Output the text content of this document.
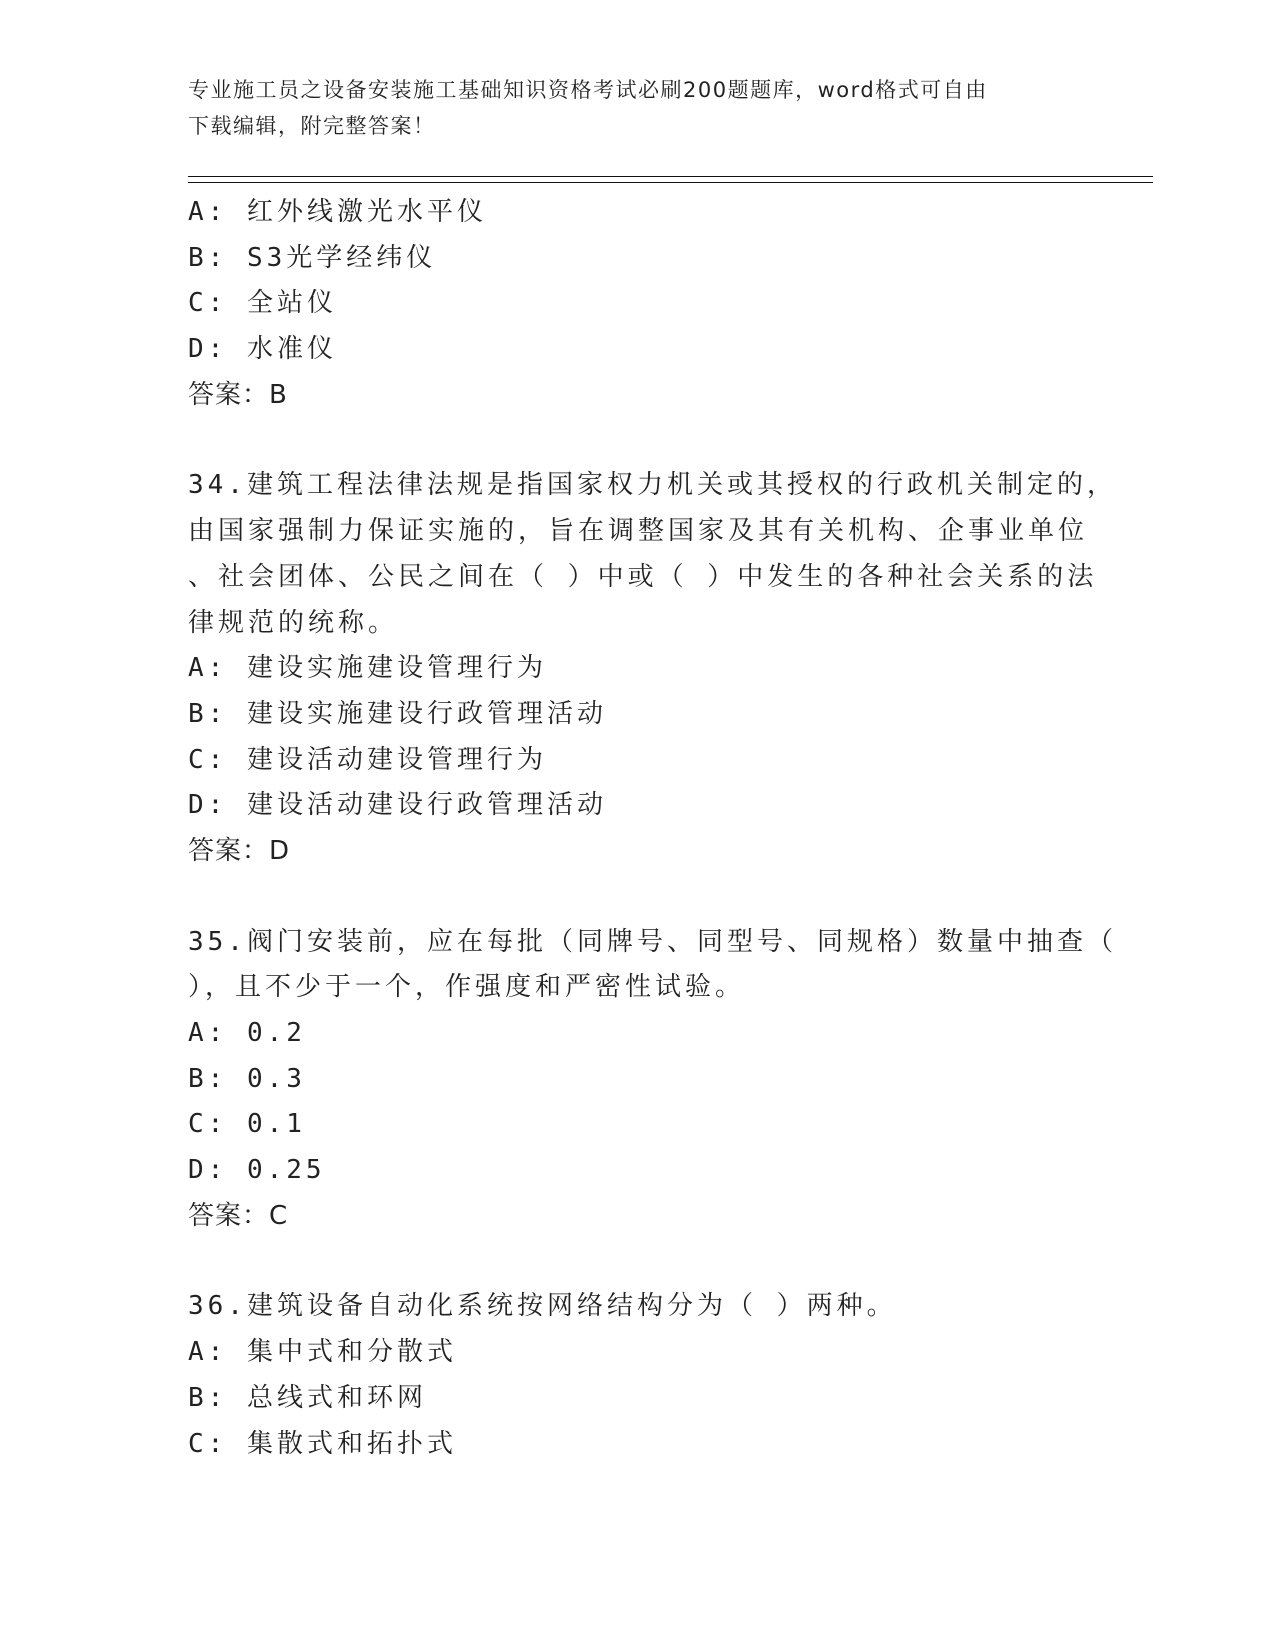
专业施工员之设备安装施工基础知识资格考试必刷200题题库，word格式可自由
下载编辑，附完整答案！
A: 红外线激光水平仪
B: S3光学经纬仪
C: 全站仪
D: 水准仪
答案：B
34.建筑工程法律法规是指国家权力机关或其授权的行政机关制定的，
由国家强制力保证实施的，旨在调整国家及其有关机构、企事业单位
、社会团体、公民之间在（ ）中或（ ）中发生的各种社会关系的法
律规范的统称。
A: 建设实施建设管理行为
B: 建设实施建设行政管理活动
C: 建设活动建设管理行为
D: 建设活动建设行政管理活动
答案：D
35.阀门安装前，应在每批（同牌号、同型号、同规格）数量中抽查（
），且不少于一个，作强度和严密性试验。
A: 0.2
B: 0.3
C: 0.1
D: 0.25
答案：C
36.建筑设备自动化系统按网络结构分为（ ）两种。
A: 集中式和分散式
B: 总线式和环网
C: 集散式和拓扑式
